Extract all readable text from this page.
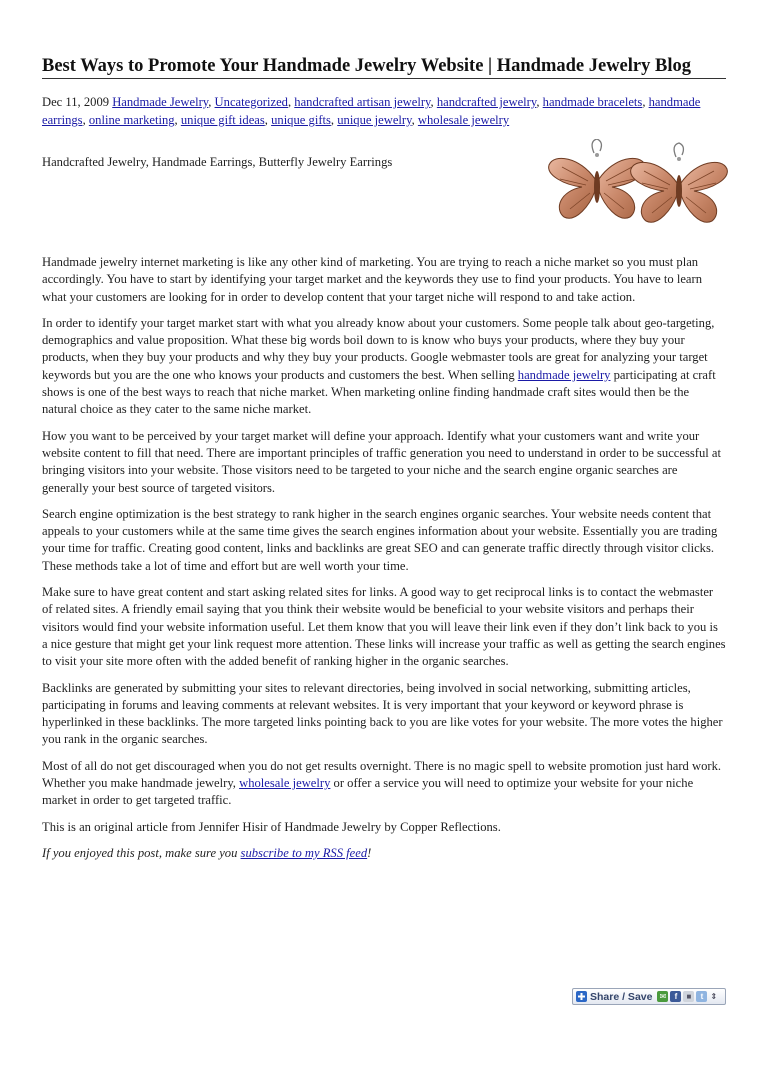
Best Ways to Promote Your Handmade Jewelry Website | Handmade Jewelry Blog
Dec 11, 2009 Handmade Jewelry, Uncategorized, handcrafted artisan jewelry, handcrafted jewelry, handmade bracelets, handmade earrings, online marketing, unique gift ideas, unique gifts, unique jewelry, wholesale jewelry
Handcrafted Jewelry, Handmade Earrings, Butterfly Jewelry Earrings

Handmade jewelry internet marketing is like any other kind of marketing. You are trying to reach a niche market so you must plan accordingly. You have to start by identifying your target market and the keywords they use to find your products. You have to learn what your customers are looking for in order to develop content that your target niche will respond to and take action.

In order to identify your target market start with what you already know about your customers. Some people talk about geo-targeting, demographics and value proposition. What these big words boil down to is know who buys your products, where they buy your products, when they buy your products and why they buy your products. Google webmaster tools are great for analyzing your target keywords but you are the one who knows your products and customers the best. When selling handmade jewelry participating at craft shows is one of the best ways to reach that niche market. When marketing online finding handmade craft sites would then be the natural choice as they cater to the same niche market.

How you want to be perceived by your target market will define your approach. Identify what your customers want and write your website content to fill that need. There are important principles of traffic generation you need to understand in order to be successful at bringing visitors into your website. Those visitors need to be targeted to your niche and the search engine organic searches are generally your best source of targeted visitors.

Search engine optimization is the best strategy to rank higher in the search engines organic searches. Your website needs content that appeals to your customers while at the same time gives the search engines information about your website. Essentially you are trading your time for traffic. Creating good content, links and backlinks are great SEO and can generate traffic directly through visitor clicks. These methods take a lot of time and effort but are well worth your time.

Make sure to have great content and start asking related sites for links. A good way to get reciprocal links is to contact the webmaster of related sites. A friendly email saying that you think their website would be beneficial to your website visitors and perhaps their visitors would find your website information useful. Let them know that you will leave their link even if they don’t link back to you is a nice gesture that might get your link request more attention. These links will increase your traffic as well as getting the search engines to visit your site more often with the added benefit of ranking higher in the organic searches.

Backlinks are generated by submitting your sites to relevant directories, being involved in social networking, submitting articles, participating in forums and leaving comments at relevant websites. It is very important that your keyword or keyword phrase is hyperlinked in these backlinks. The more targeted links pointing back to you are like votes for your website. The more votes the higher you rank in the organic searches.

Most of all do not get discouraged when you do not get results overnight. There is no magic spell to website promotion just hard work. Whether you make handmade jewelry, wholesale jewelry or offer a service you will need to optimize your website for your niche market in order to get targeted traffic.

This is an original article from Jennifer Hisir of Handmade Jewelry by Copper Reflections.

If you enjoyed this post, make sure you subscribe to my RSS feed!

Share / Save ✉	f	■	t ⇕
